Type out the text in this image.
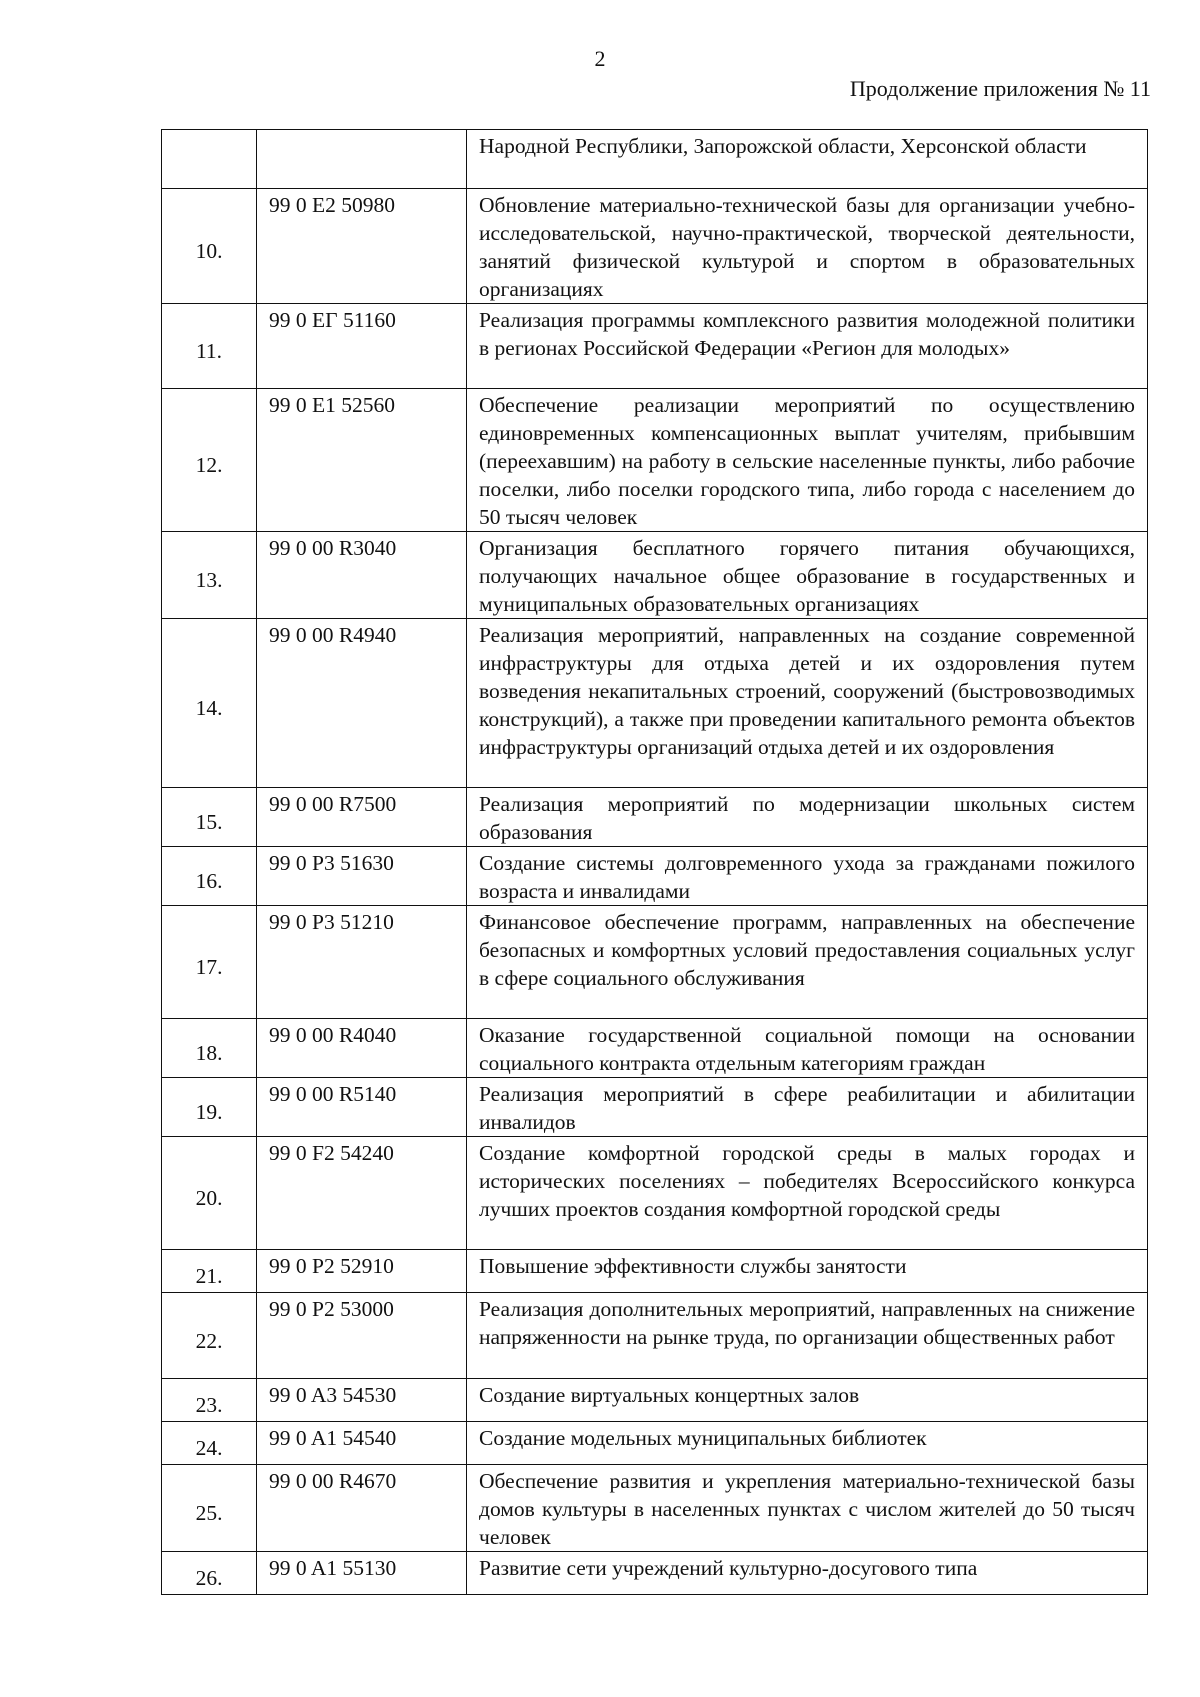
2
Продолжение приложения № 11
		Народной Республики, Запорожской области, Херсонской области
10.	99 0 E2 50980	Обновление материально-технической базы для организации учебно-исследовательской, научно-практической, творческой деятельности, занятий физической культурой и спортом в образовательных организациях
11.	99 0 EГ 51160	Реализация программы комплексного развития молодежной политики в регионах Российской Федерации «Регион для молодых»
12.	99 0 E1 52560	Обеспечение реализации мероприятий по осуществлению единовременных компенсационных выплат учителям, прибывшим (переехавшим) на работу в сельские населенные пункты, либо рабочие поселки, либо поселки городского типа, либо города с населением до 50 тысяч человек
13.	99 0 00 R3040	Организация бесплатного горячего питания обучающихся, получающих начальное общее образование в государственных и муниципальных образовательных организациях
14.	99 0 00 R4940	Реализация мероприятий, направленных на создание современной инфраструктуры для отдыха детей и их оздоровления путем возведения некапитальных строений, сооружений (быстровозводимых конструкций), а также при проведении капитального ремонта объектов инфраструктуры организаций отдыха детей и их оздоровления
15.	99 0 00 R7500	Реализация мероприятий по модернизации школьных систем образования
16.	99 0 P3 51630	Создание системы долговременного ухода за гражданами пожилого возраста и инвалидами
17.	99 0 P3 51210	Финансовое обеспечение программ, направленных на обеспечение безопасных и комфортных условий предоставления социальных услуг в сфере социального обслуживания
18.	99 0 00 R4040	Оказание государственной социальной помощи на основании социального контракта отдельным категориям граждан
19.	99 0 00 R5140	Реализация мероприятий в сфере реабилитации и абилитации инвалидов
20.	99 0 F2 54240	Создание комфортной городской среды в малых городах и исторических поселениях – победителях Всероссийского конкурса лучших проектов создания комфортной городской среды
21.	99 0 P2 52910	Повышение эффективности службы занятости
22.	99 0 P2 53000	Реализация дополнительных мероприятий, направленных на снижение напряженности на рынке труда, по организации общественных работ
23.	99 0 A3 54530	Создание виртуальных концертных залов
24.	99 0 A1 54540	Создание модельных муниципальных библиотек
25.	99 0 00 R4670	Обеспечение развития и укрепления материально-технической базы домов культуры в населенных пунктах с числом жителей до 50 тысяч человек
26.	99 0 A1 55130	Развитие сети учреждений культурно-досугового типа
